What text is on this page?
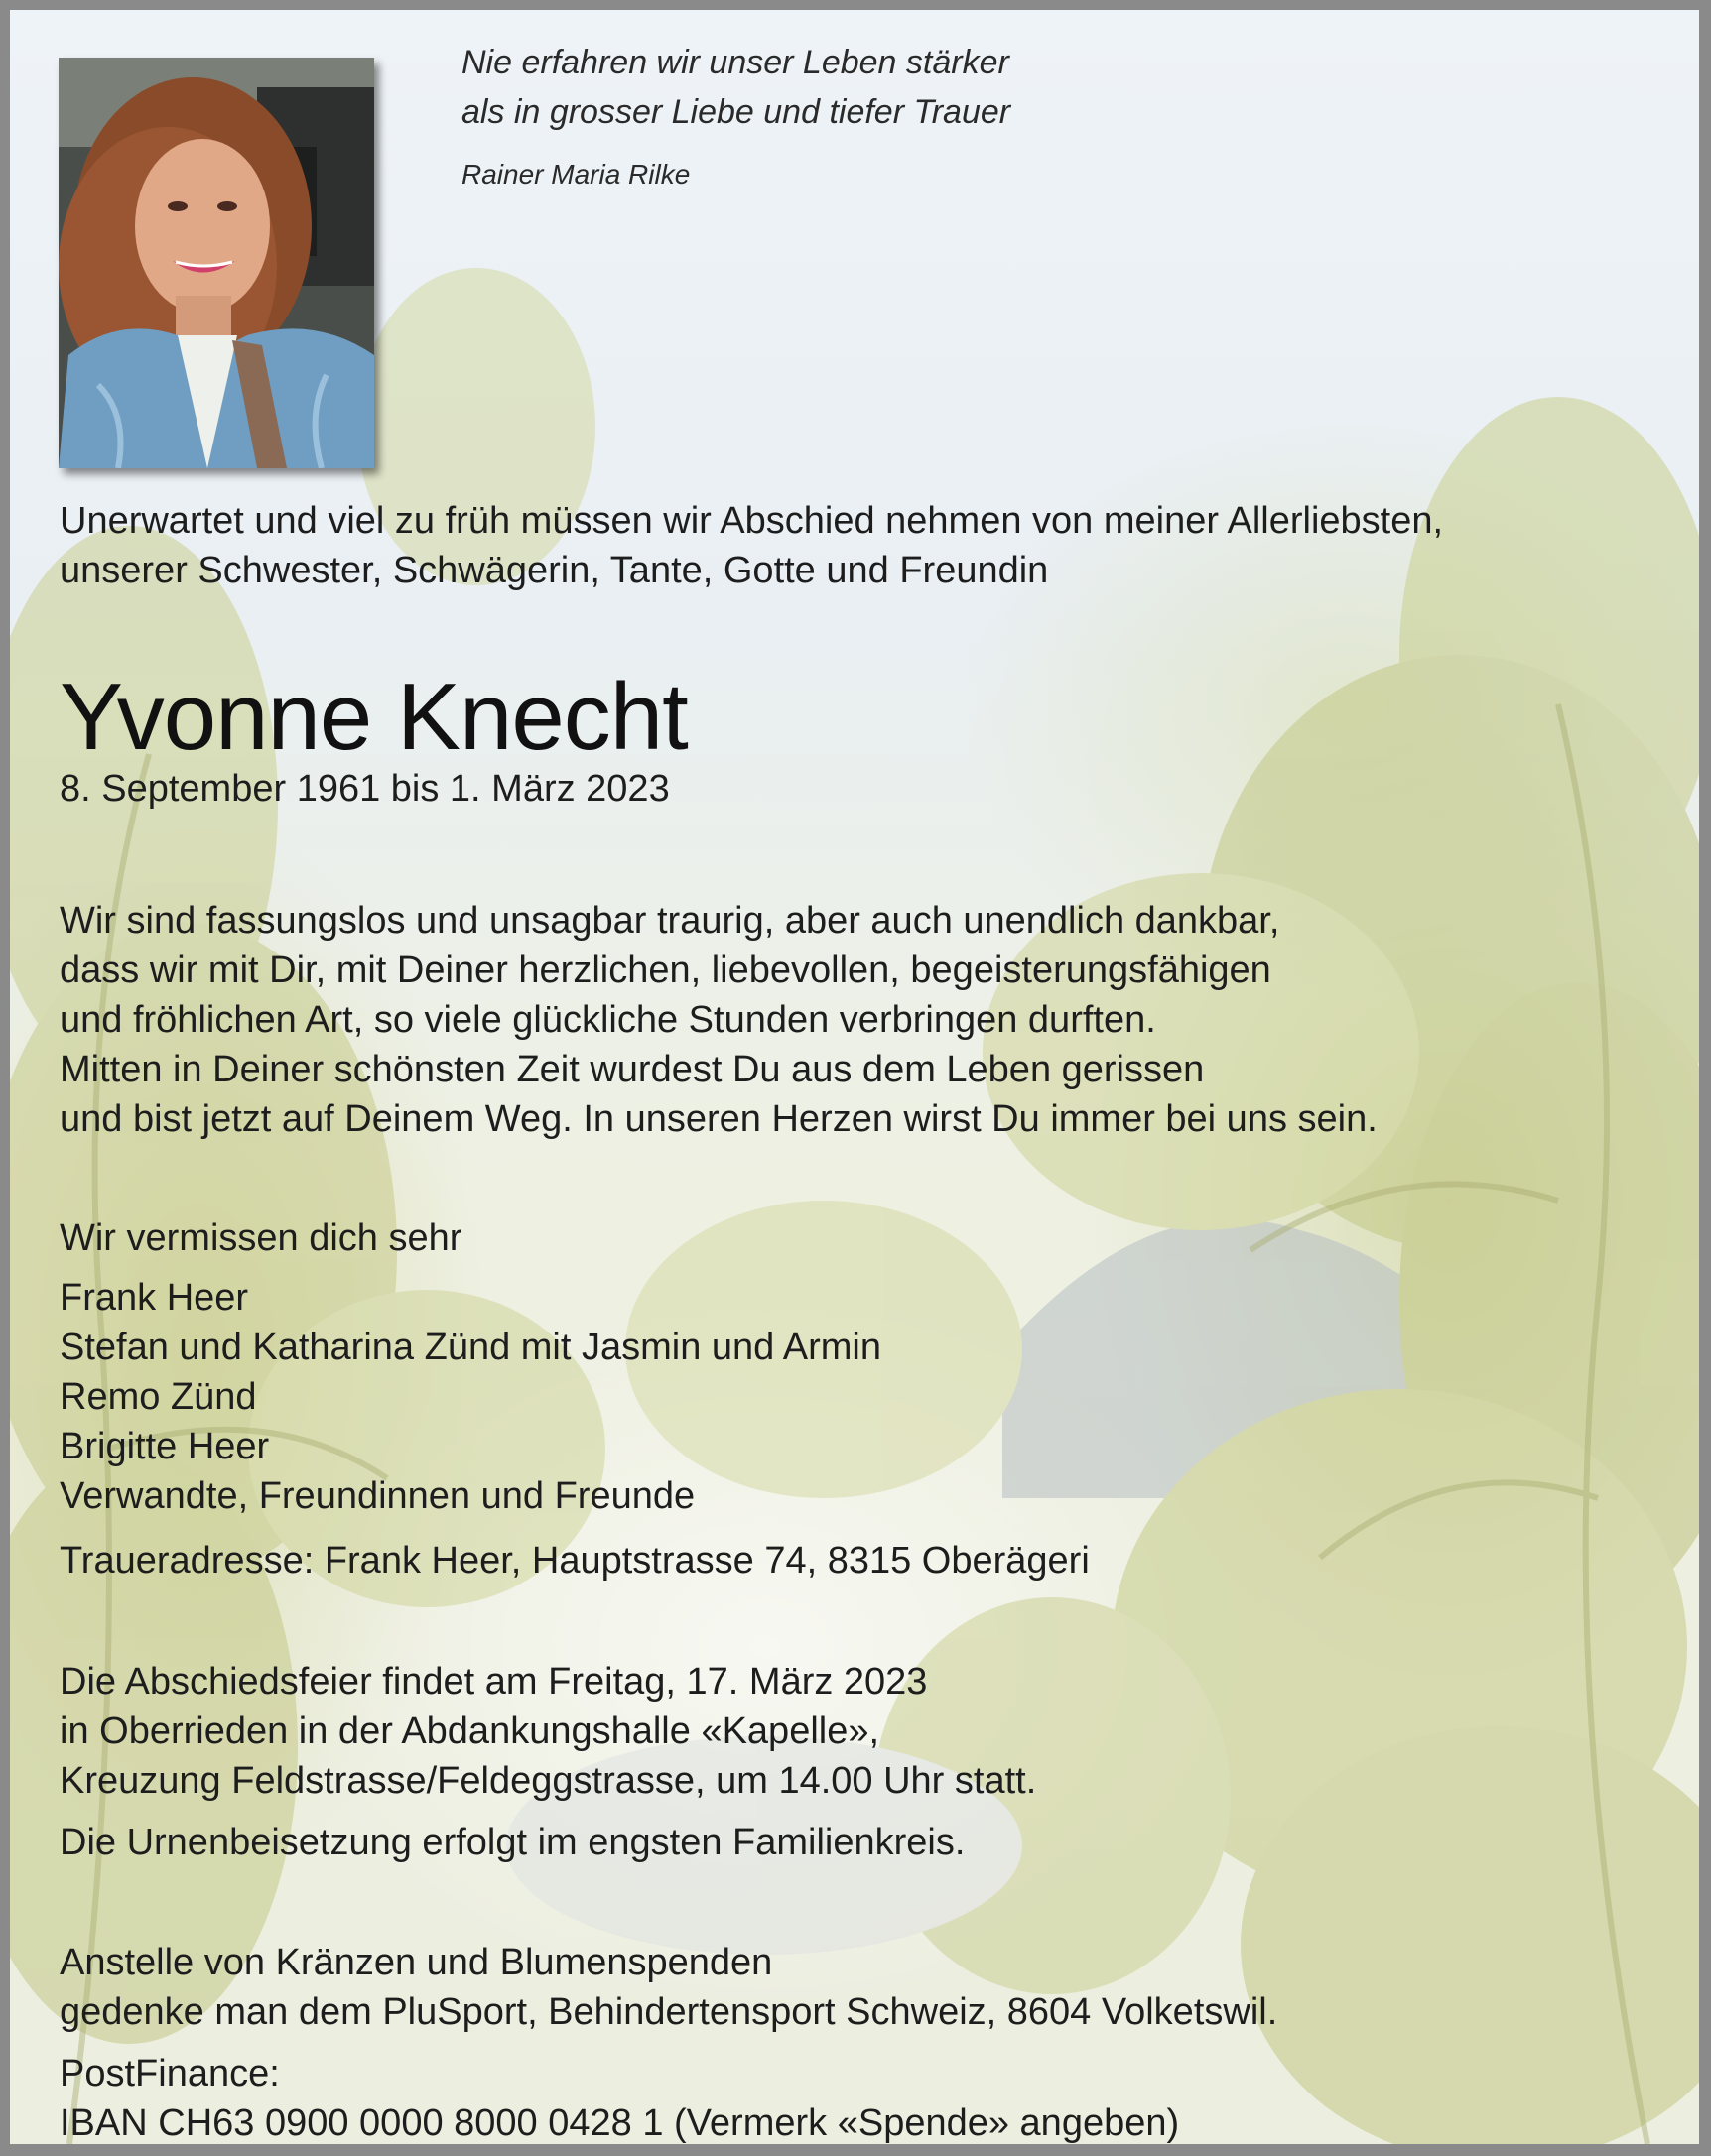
Nie erfahren wir unser Leben stärker
als in grosser Liebe und tiefer Trauer
Rainer Maria Rilke
Unerwartet und viel zu früh müssen wir Abschied nehmen von meiner Allerliebsten,
unserer Schwester, Schwägerin, Tante, Gotte und Freundin
Yvonne Knecht
8. September 1961 bis 1. März 2023
Wir sind fassungslos und unsagbar traurig, aber auch unendlich dankbar,
dass wir mit Dir, mit Deiner herzlichen, liebevollen, begeisterungsfähigen
und fröhlichen Art, so viele glückliche Stunden verbringen durften.
Mitten in Deiner schönsten Zeit wurdest Du aus dem Leben gerissen
und bist jetzt auf Deinem Weg. In unseren Herzen wirst Du immer bei uns sein.
Wir vermissen dich sehr
Frank Heer
Stefan und Katharina Zünd mit Jasmin und Armin
Remo Zünd
Brigitte Heer
Verwandte, Freundinnen und Freunde
Traueradresse: Frank Heer, Hauptstrasse 74, 8315 Oberägeri
Die Abschiedsfeier findet am Freitag, 17. März 2023
in Oberrieden in der Abdankungshalle «Kapelle»,
Kreuzung Feldstrasse/Feldeggstrasse, um 14.00 Uhr statt.
Die Urnenbeisetzung erfolgt im engsten Familienkreis.
Anstelle von Kränzen und Blumenspenden
gedenke man dem PluSport, Behindertensport Schweiz, 8604 Volketswil.
PostFinance:
IBAN CH63 0900 0000 8000 0428 1 (Vermerk «Spende» angeben)
